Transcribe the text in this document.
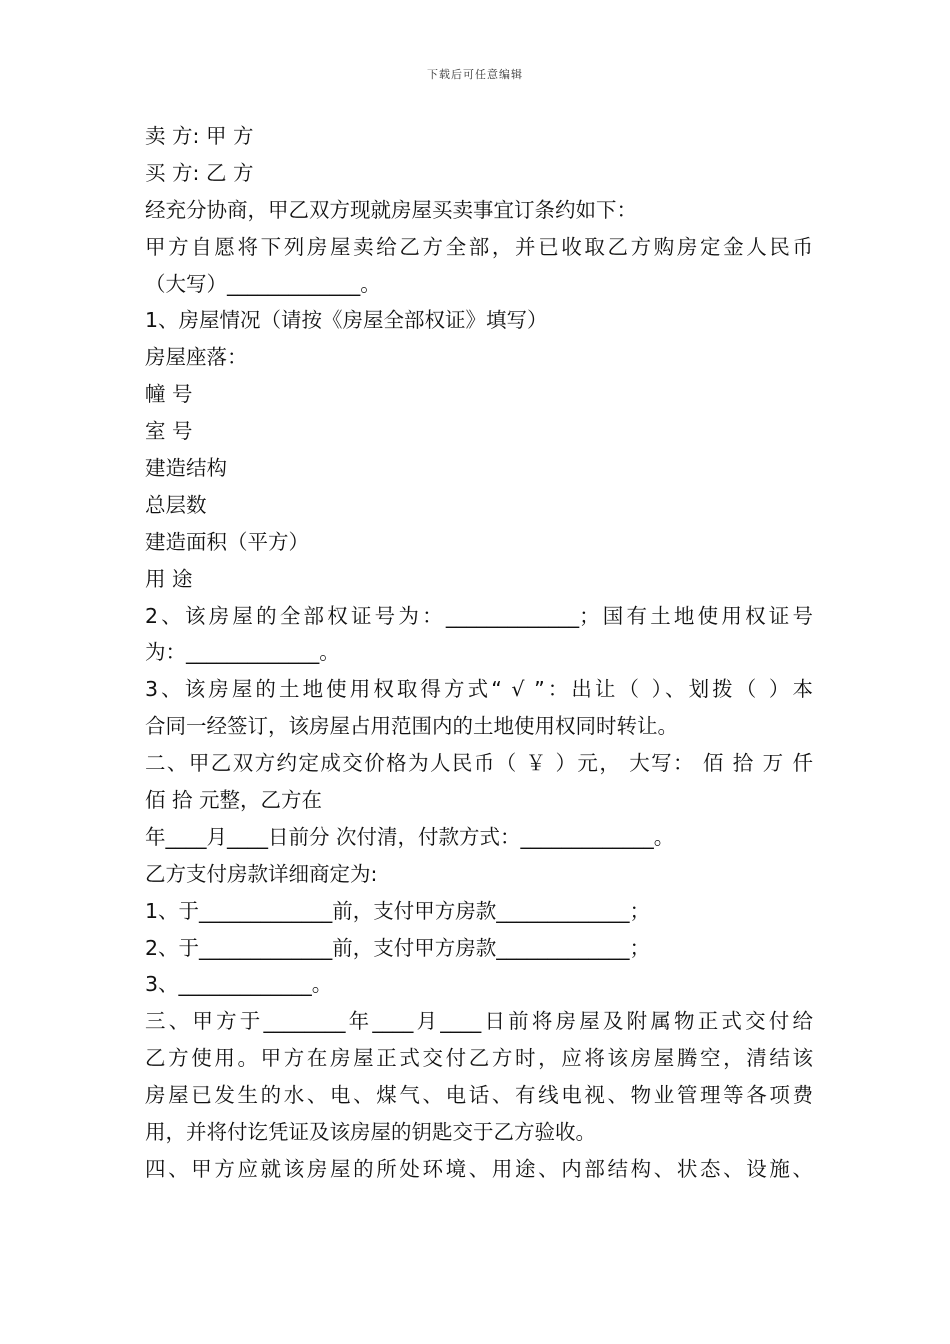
下载后可任意编辑
卖 方: 甲 方
买 方: 乙 方
经充分协商，甲乙双方现就房屋买卖事宜订条约如下：
甲方自愿将下列房屋卖给乙方全部，并已收取乙方购房定金人民币
（大写）_____________。
1、房屋情况（请按《房屋全部权证》填写）
房屋座落：
幢 号
室 号
建造结构
总层数
建造面积（平方）
用 途
2、该房屋的全部权证号为：_____________；国有土地使用权证号
为：_____________。
3、该房屋的土地使用权取得方式“ √ ”：出让（ ）、划拨（ ）本
合同一经签订，该房屋占用范围内的土地使用权同时转让。
二、甲乙双方约定成交价格为人民币（ ￥ ）元， 大写： 佰 拾 万 仟
佰 拾 元整，乙方在
年____月____日前分 次付清，付款方式：_____________。
乙方支付房款详细商定为:
1、于_____________前，支付甲方房款_____________；
2、于_____________前，支付甲方房款_____________；
3、_____________。
三、甲方于________年____月____日前将房屋及附属物正式交付给
乙方使用。甲方在房屋正式交付乙方时，应将该房屋腾空，清结该
房屋已发生的水、电、煤气、电话、有线电视、物业管理等各项费
用，并将付讫凭证及该房屋的钥匙交于乙方验收。
四、甲方应就该房屋的所处环境、用途、内部结构、状态、设施、
